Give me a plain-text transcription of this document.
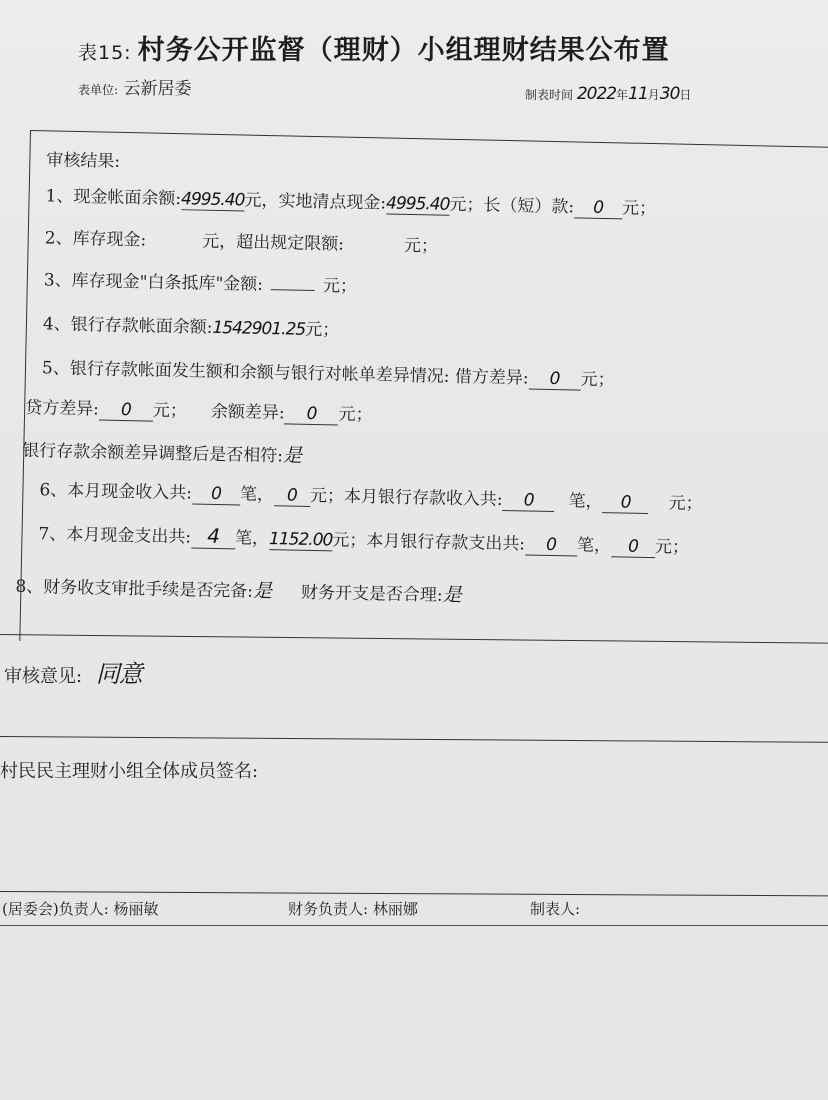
表15: 村务公开监督（理财）小组理财结果公布置
表单位: 云新居委	制表时间 2022年11月30日
审核结果:
1、现金帐面余额:4995.40元，实地清点现金:4995.40元；长（短）款: 0 元；
2、库存现金:	元，超出规定限额:	元；
3、库存现金"白条抵库"金额:	元；
4、银行存款帐面余额:1542901.25元；
5、银行存款帐面发生额和余额与银行对帐单差异情况: 借方差异: 0 元；
贷方差异: 0 元； 余额差异: 0 元；
银行存款余额差异调整后是否相符:是
6、本月现金收入共: 0 笔， 0 元；本月银行存款收入共: 0 笔， 0 元；
7、本月现金支出共: 4 笔，1152.00元；本月银行存款支出共: 0 笔， 0 元；
8、财务收支审批手续是否完备:是 财务开支是否合理:是
审核意见: 同意
村民民主理财小组全体成员签名:
(居委会)负责人: 杨丽敏	财务负责人: 林丽娜	制表人:
